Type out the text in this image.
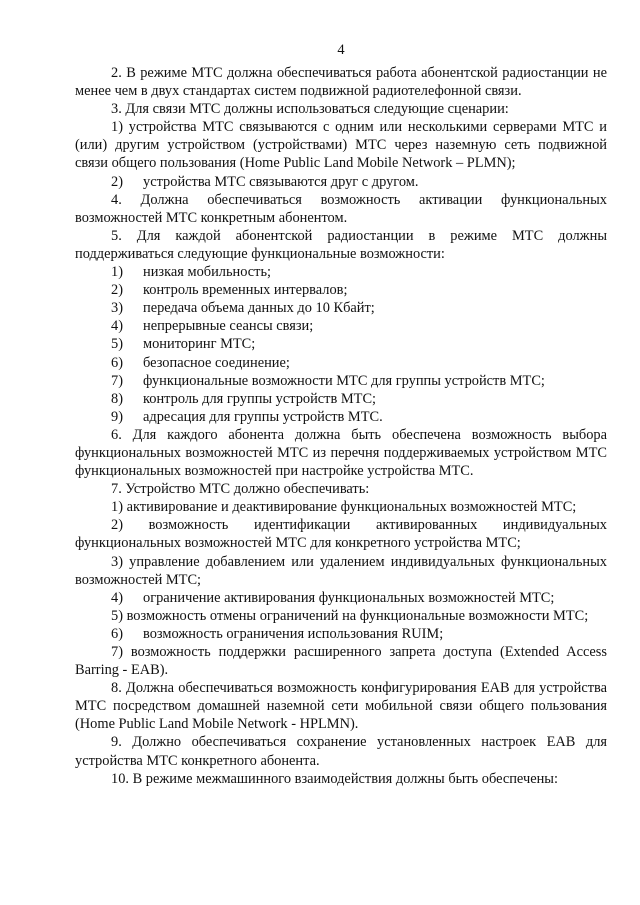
4

2. В режиме МТС должна обеспечиваться работа абонентской радиостанции не менее чем в двух стандартах систем подвижной радиотелефонной связи.

3. Для связи МТС должны использоваться следующие сценарии:

1) устройства МТС связываются с одним или несколькими серверами МТС и (или) другим устройством (устройствами) МТС через наземную сеть подвижной связи общего пользования (Home Public Land Mobile Network – PLMN);

2)	устройства МТС связываются друг с другом.

4. Должна обеспечиваться возможность активации функциональных возможностей МТС конкретным абонентом.

5. Для каждой абонентской радиостанции в режиме МТС должны поддерживаться следующие функциональные возможности:

1)	низкая мобильность;
2)	контроль временных интервалов;
3)	передача объема данных до 10 Кбайт;
4)	непрерывные сеансы связи;
5)	мониторинг МТС;
6)	безопасное соединение;
7)	функциональные возможности МТС для группы устройств МТС;
8)	контроль для группы устройств МТС;
9)	адресация для группы устройств МТС.

6. Для каждого абонента должна быть обеспечена возможность выбора функциональных возможностей МТС из перечня поддерживаемых устройством МТС функциональных возможностей при настройке устройства МТС.

7. Устройство МТС должно обеспечивать:

1) активирование и деактивирование функциональных возможностей МТС;

2) возможность идентификации активированных индивидуальных функциональных возможностей МТС для конкретного устройства МТС;

3) управление добавлением или удалением индивидуальных функциональных возможностей МТС;

4)	ограничение активирования функциональных возможностей МТС;

5) возможность отмены ограничений на функциональные возможности МТС;

6)	возможность ограничения использования RUIM;

7) возможность поддержки расширенного запрета доступа (Extended Access Barring - EAB).

8. Должна обеспечиваться возможность конфигурирования EAB для устройства МТС посредством домашней наземной сети мобильной связи общего пользования (Home Public Land Mobile Network - HPLMN).

9. Должно обеспечиваться сохранение установленных настроек EAB для устройства МТС конкретного абонента.

10. В режиме межмашинного взаимодействия должны быть обеспечены:
